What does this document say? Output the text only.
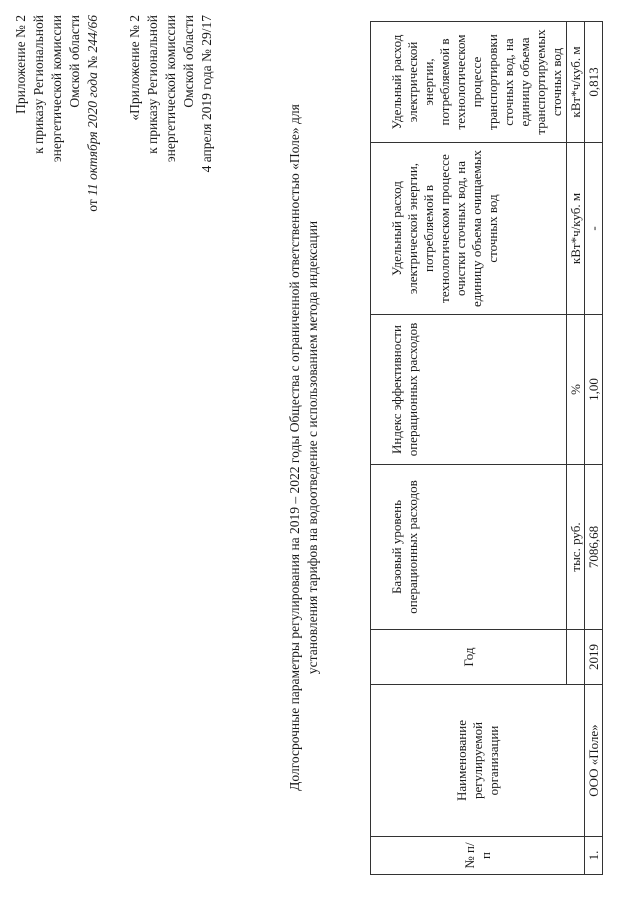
Приложение № 2 к приказу Региональной энергетической комиссии Омской области
от 11 октября 2020 года № 244/66 «Приложение № 2 к приказу Региональной энергетической комиссии Омской области 4 апреля 2019 года № 29/17
Долгосрочные параметры регулирования на 2019 – 2022 годы Общества с ограниченной ответственностью «Поле» для установления тарифов на водоотведение с использованием метода индексации
№ п/п	Наименование регулируемой организации	Год	Базовый уровень операционных расходов	Индекс эффективности операционных расходов	Удельный расход электрической энергии, потребляемой в технологическом процессе очистки сточных вод, на единицу объема очищаемых сточных вод	Удельный расход электрической энергии, потребляемой в технологическом процессе транспортировки сточных вод, на единицу объема транспортируемых сточных вод
			тыс. руб.	%	кВт*ч/куб. м	кВт*ч/куб. м
1.	ООО «Поле»	2019	7086,68	1,00	-	0,813
